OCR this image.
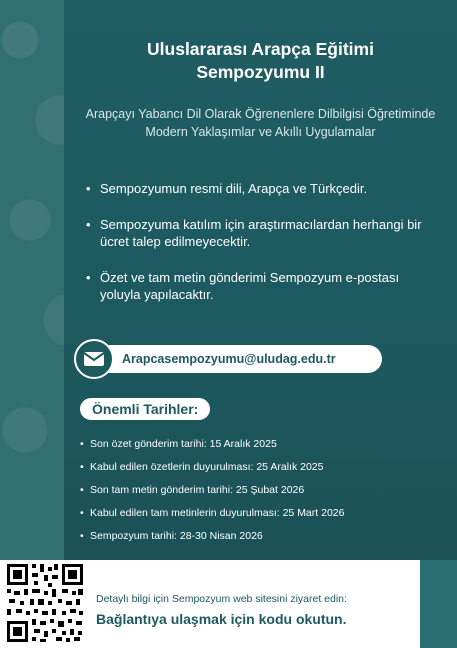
Uluslararası Arapça Eğitimi
Sempozyumu II

Arapçayı Yabancı Dil Olarak Öğrenenlere Dilbilgisi Öğretiminde Modern Yaklaşımlar ve Akıllı Uygulamalar

• Sempozyumun resmi dili, Arapça ve Türkçedir.
• Sempozyuma katılım için araştırmacılardan herhangi bir ücret talep edilmeyecektir.
• Özet ve tam metin gönderimi Sempozyum e-postası yoluyla yapılacaktır.
Arapcasempozyumu@uludag.edu.tr
Önemli Tarihler:
• Son özet gönderim tarihi: 15 Aralık 2025
• Kabul edilen özetlerin duyurulması: 25 Aralık 2025
• Son tam metin gönderim tarihi: 25 Şubat 2026
• Kabul edilen tam metinlerin duyurulması: 25 Mart 2026
• Sempozyum tarihi: 28-30 Nisan 2026
Detaylı bilgi için Sempozyum web sitesini ziyaret edin:
Bağlantıya ulaşmak için kodu okutun.
